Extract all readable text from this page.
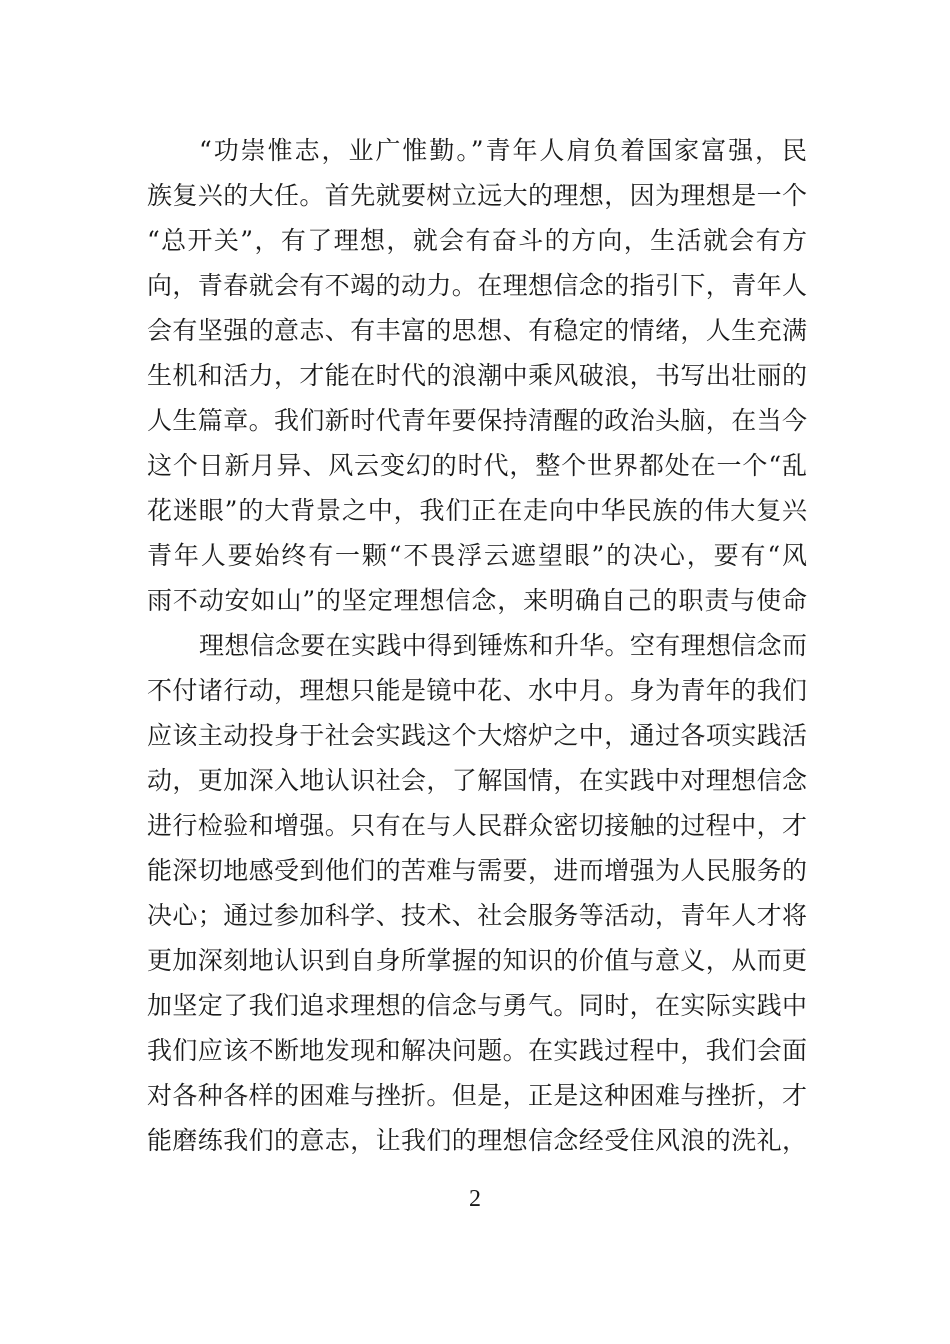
“功崇惟志，业广惟勤。”青年人肩负着国家富强，民
族复兴的大任。首先就要树立远大的理想，因为理想是一个
“总开关”，有了理想，就会有奋斗的方向，生活就会有方
向，青春就会有不竭的动力。在理想信念的指引下，青年人
会有坚强的意志、有丰富的思想、有稳定的情绪，人生充满
生机和活力，才能在时代的浪潮中乘风破浪，书写出壮丽的
人生篇章。我们新时代青年要保持清醒的政治头脑，在当今
这个日新月异、风云变幻的时代，整个世界都处在一个“乱
花迷眼”的大背景之中，我们正在走向中华民族的伟大复兴
青年人要始终有一颗“不畏浮云遮望眼”的决心，要有“风
雨不动安如山”的坚定理想信念，来明确自己的职责与使命
理想信念要在实践中得到锤炼和升华。空有理想信念而
不付诸行动，理想只能是镜中花、水中月。身为青年的我们
应该主动投身于社会实践这个大熔炉之中，通过各项实践活
动，更加深入地认识社会，了解国情，在实践中对理想信念
进行检验和增强。只有在与人民群众密切接触的过程中，才
能深切地感受到他们的苦难与需要，进而增强为人民服务的
决心；通过参加科学、技术、社会服务等活动，青年人才将
更加深刻地认识到自身所掌握的知识的价值与意义，从而更
加坚定了我们追求理想的信念与勇气。同时，在实际实践中
我们应该不断地发现和解决问题。在实践过程中，我们会面
对各种各样的困难与挫折。但是，正是这种困难与挫折，才
能磨练我们的意志，让我们的理想信念经受住风浪的洗礼，
2
